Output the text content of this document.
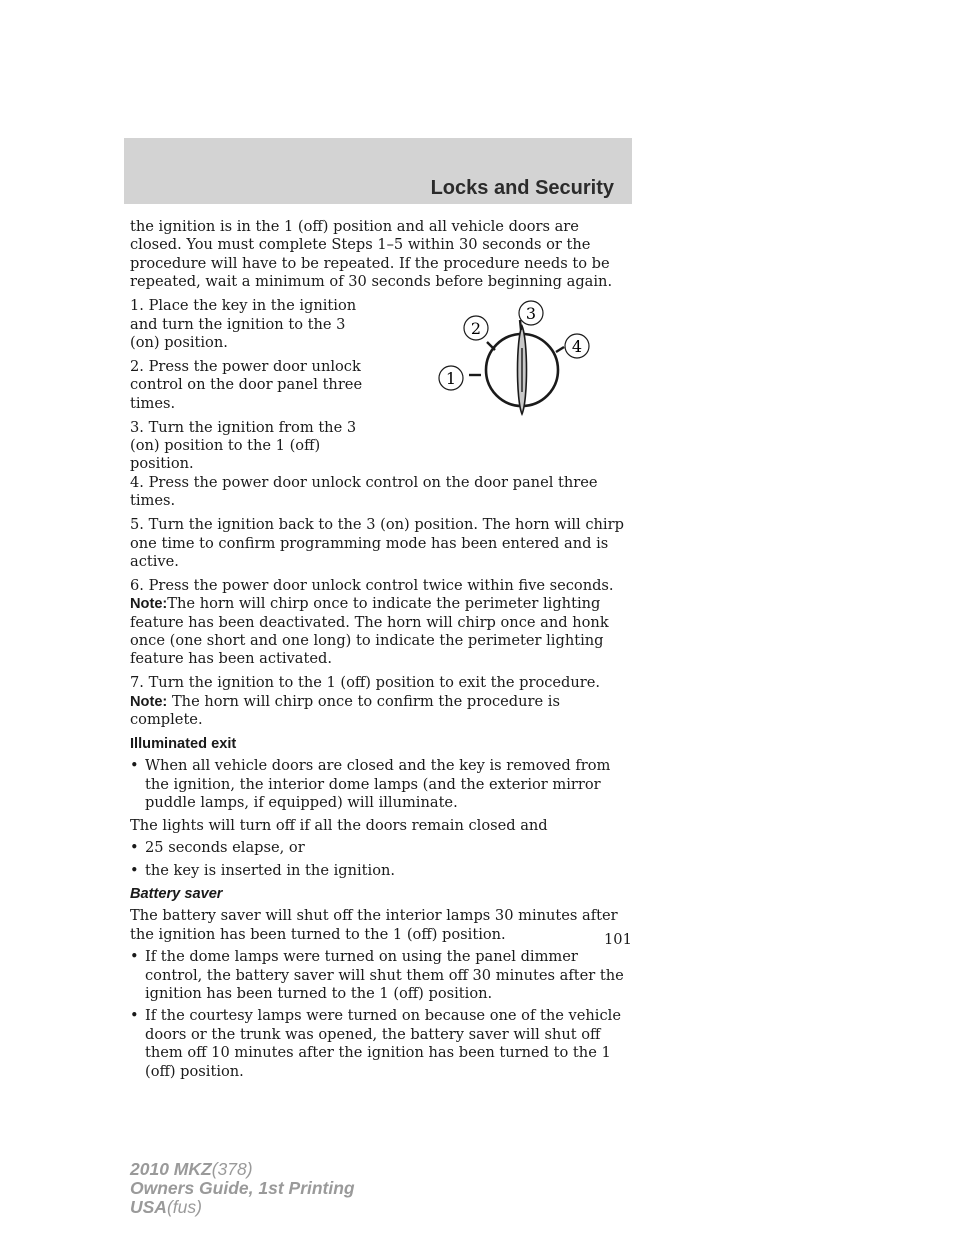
Locks and Security

the ignition is in the 1 (off) position and all vehicle doors are closed. You must complete Steps 1–5 within 30 seconds or the procedure will have to be repeated. If the procedure needs to be repeated, wait a minimum of 30 seconds before beginning again.

1. Place the key in the ignition and turn the ignition to the 3 (on) position.

2. Press the power door unlock control on the door panel three times.

3. Turn the ignition from the 3 (on) position to the 1 (off) position.

4. Press the power door unlock control on the door panel three times.

5. Turn the ignition back to the 3 (on) position. The horn will chirp one time to confirm programming mode has been entered and is active.

6. Press the power door unlock control twice within five seconds.
Note:The horn will chirp once to indicate the perimeter lighting feature has been deactivated. The horn will chirp once and honk once (one short and one long) to indicate the perimeter lighting feature has been activated.

7. Turn the ignition to the 1 (off) position to exit the procedure. Note: The horn will chirp once to confirm the procedure is complete.

Illuminated exit
• When all vehicle doors are closed and the key is removed from the ignition, the interior dome lamps (and the exterior mirror puddle lamps, if equipped) will illuminate.

The lights will turn off if all the doors remain closed and

• 25 seconds elapse, or
• the key is inserted in the ignition.
Battery saver

The battery saver will shut off the interior lamps 30 minutes after the ignition has been turned to the 1 (off) position.

• If the dome lamps were turned on using the panel dimmer control, the battery saver will shut them off 30 minutes after the ignition has been turned to the 1 (off) position.
• If the courtesy lamps were turned on because one of the vehicle doors or the trunk was opened, the battery saver will shut off them off 10 minutes after the ignition has been turned to the 1 (off) position.
1
2
3
4
101
2010 MKZ(378)
Owners Guide, 1st Printing
USA(fus)
